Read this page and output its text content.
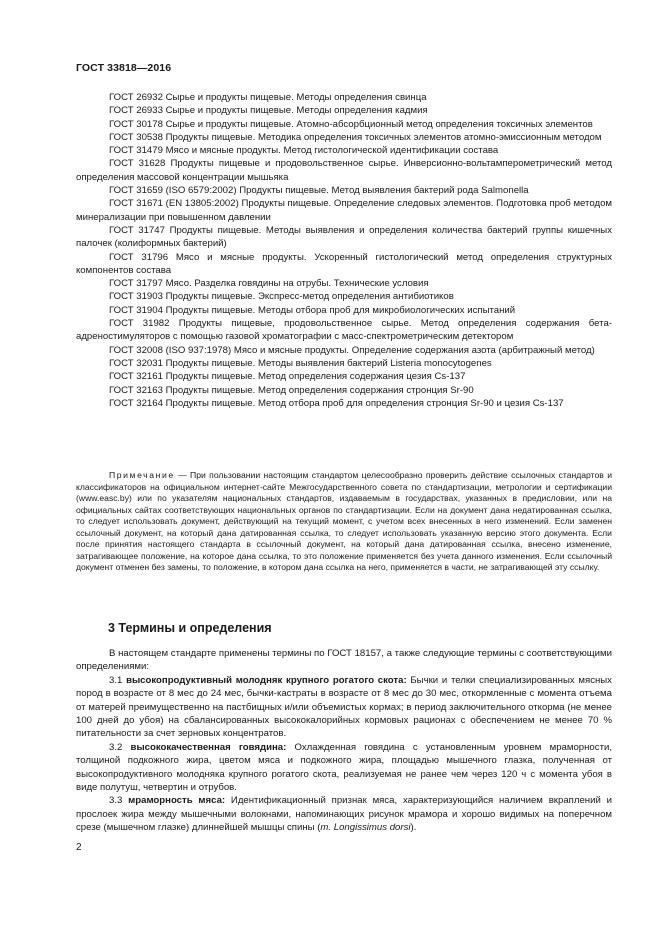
ГОСТ 33818—2016

ГОСТ 26932 Сырье и продукты пищевые. Методы определения свинца

ГОСТ 26933 Сырье и продукты пищевые. Методы определения кадмия

ГОСТ 30178 Сырье и продукты пищевые. Атомно-абсорбционный метод определения токсичных элементов

ГОСТ 30538 Продукты пищевые. Методика определения токсичных элементов атомно-эмиссионным методом

ГОСТ 31479 Мясо и мясные продукты. Метод гистологической идентификации состава

ГОСТ 31628 Продукты пищевые и продовольственное сырье. Инверсионно-вольтамперометрический метод определения массовой концентрации мышьяка

ГОСТ 31659 (ISO 6579:2002) Продукты пищевые. Метод выявления бактерий рода Salmonella

ГОСТ 31671 (EN 13805:2002) Продукты пищевые. Определение следовых элементов. Подготовка проб методом минерализации при повышенном давлении

ГОСТ 31747 Продукты пищевые. Методы выявления и определения количества бактерий группы кишечных палочек (колиформных бактерий)

ГОСТ 31796 Мясо и мясные продукты. Ускоренный гистологический метод определения структурных компонентов состава

ГОСТ 31797 Мясо. Разделка говядины на отрубы. Технические условия

ГОСТ 31903 Продукты пищевые. Экспресс-метод определения антибиотиков

ГОСТ 31904 Продукты пищевые. Методы отбора проб для микробиологических испытаний

ГОСТ 31982 Продукты пищевые, продовольственное сырье. Метод определения содержания бета-адреностимуляторов с помощью газовой хроматографии с масс-спектрометрическим детектором

ГОСТ 32008 (ISO 937:1978) Мясо и мясные продукты. Определение содержания азота (арбитражный метод)

ГОСТ 32031 Продукты пищевые. Методы выявления бактерий Listeria monocytogenes

ГОСТ 32161 Продукты пищевые. Метод определения содержания цезия Cs-137

ГОСТ 32163 Продукты пищевые. Метод определения содержания стронция Sr-90

ГОСТ 32164 Продукты пищевые. Метод отбора проб для определения стронция Sr-90 и цезия Cs-137

Примечание — При пользовании настоящим стандартом целесообразно проверить действие ссылочных стандартов и классификаторов на официальном интернет-сайте Межгосударственного совета по стандартизации, метрологии и сертификации (www.easc.by) или по указателям национальных стандартов, издаваемым в государствах, указанных в предисловии, или на официальных сайтах соответствующих национальных органов по стандартизации. Если на документ дана недатированная ссылка, то следует использовать документ, действующий на текущий момент, с учетом всех внесенных в него изменений. Если заменен ссылочный документ, на который дана датированная ссылка, то следует использовать указанную версию этого документа. Если после принятия настоящего стандарта в ссылочный документ, на который дана датированная ссылка, внесено изменение, затрагивающее положение, на которое дана ссылка, то это положение применяется без учета данного изменения. Если ссылочный документ отменен без замены, то положение, в котором дана ссылка на него, применяется в части, не затрагивающей эту ссылку.

3 Термины и определения

В настоящем стандарте применены термины по ГОСТ 18157, а также следующие термины с соответствующими определениями:

3.1 высокопродуктивный молодняк крупного рогатого скота: Бычки и телки специализированных мясных пород в возрасте от 8 мес до 24 мес, бычки-кастраты в возрасте от 8 мес до 30 мес, откормленные с момента отъема от матерей преимущественно на пастбищных и/или объемистых кормах; в период заключительного откорма (не менее 100 дней до убоя) на сбалансированных высококалорийных кормовых рационах с обеспечением не менее 70 % питательности за счет зерновых концентратов.

3.2 высококачественная говядина: Охлажденная говядина с установленным уровнем мраморности, толщиной подкожного жира, цветом мяса и подкожного жира, площадью мышечного глазка, полученная от высокопродуктивного молодняка крупного рогатого скота, реализуемая не ранее чем через 120 ч с момента убоя в виде полутуш, четвертин и отрубов.

3.3 мраморность мяса: Идентификационный признак мяса, характеризующийся наличием вкраплений и прослоек жира между мышечными волокнами, напоминающих рисунок мрамора и хорошо видимых на поперечном срезе (мышечном глазке) длиннейшей мышцы спины (m. Longissimus dorsi).

2
